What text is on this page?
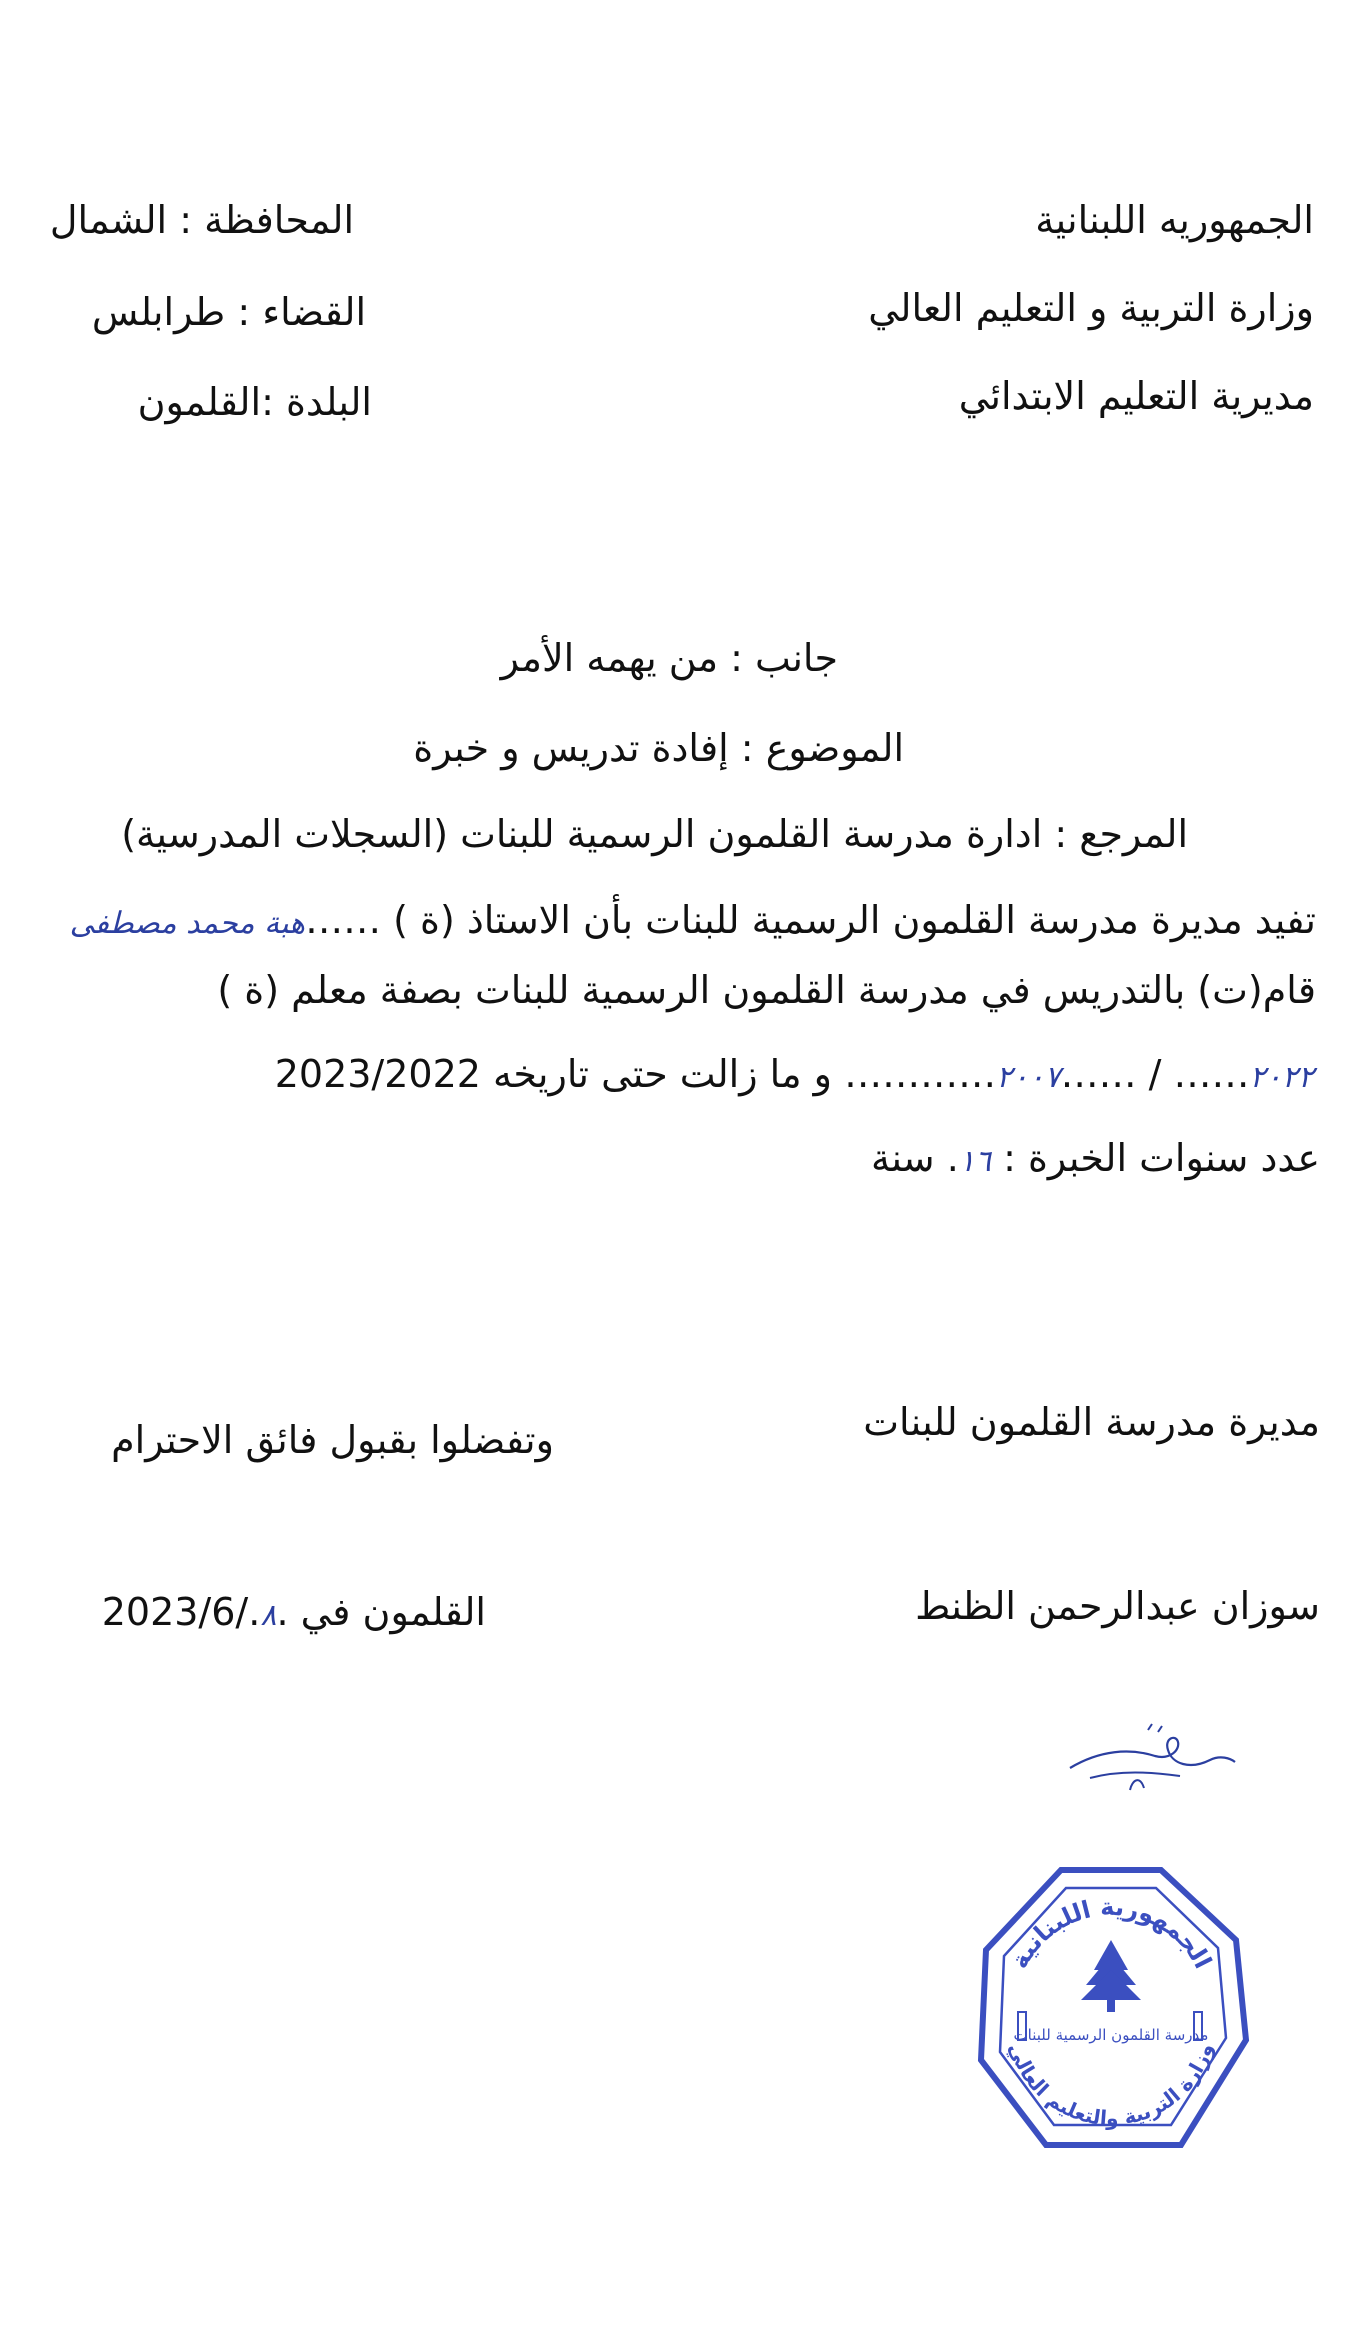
الجمهوريه اللبنانية
وزارة التربية و التعليم العالي
مديرية التعليم الابتدائي
المحافظة : الشمال
القضاء : طرابلس
البلدة :القلمون
جانب : من يهمه الأمر
الموضوع : إفادة تدريس و خبرة
المرجع : ادارة مدرسة القلمون الرسمية للبنات (السجلات المدرسية)
تفيد مديرة مدرسة القلمون الرسمية للبنات بأن الاستاذ (ة ) ……هبة محمد مصطفى
قام(ت) بالتدريس في مدرسة القلمون الرسمية للبنات بصفة معلم (ة )
٢٠٢٢…… / ……٢٠٠٧………… و ما زالت حتى تاريخه 2023/2022
عدد سنوات الخبرة : ١٦. سنة
مديرة مدرسة القلمون للبنات
وتفضلوا بقبول فائق الاحترام
سوزان عبدالرحمن الظنط
القلمون في .٨.2023/6/
الجمهورية اللبنانية
وزارة التربية والتعليم العالي
مدرسة القلمون الرسمية للبنات
